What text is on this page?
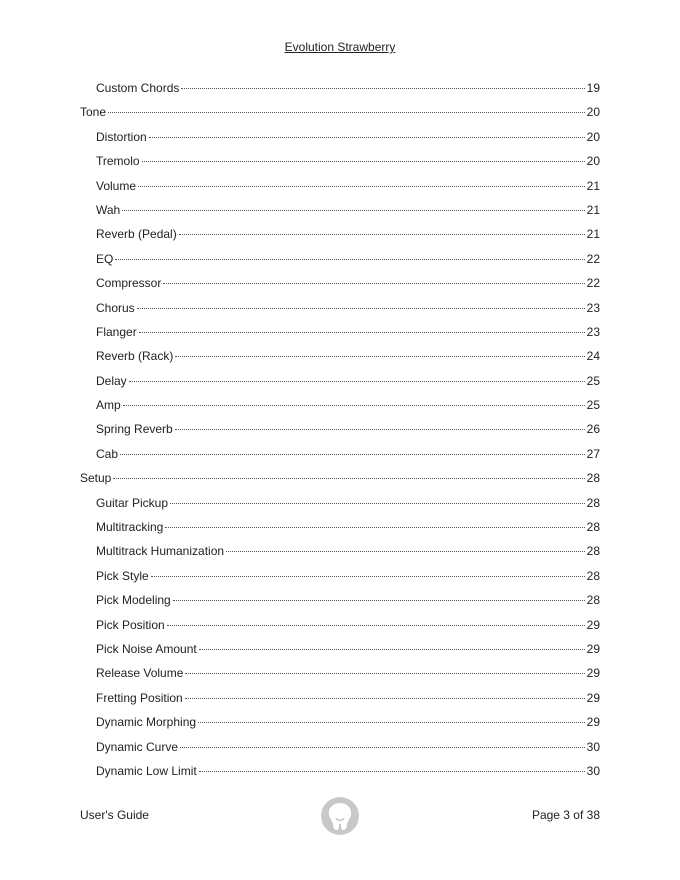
Evolution Strawberry
Custom Chords	19
Tone	20
Distortion	20
Tremolo	20
Volume	21
Wah	21
Reverb (Pedal)	21
EQ	22
Compressor	22
Chorus	23
Flanger	23
Reverb (Rack)	24
Delay	25
Amp	25
Spring Reverb	26
Cab	27
Setup	28
Guitar Pickup	28
Multitracking	28
Multitrack Humanization	28
Pick Style	28
Pick Modeling	28
Pick Position	29
Pick Noise Amount	29
Release Volume	29
Fretting Position	29
Dynamic Morphing	29
Dynamic Curve	30
Dynamic Low Limit	30
User's Guide	Page 3 of 38
